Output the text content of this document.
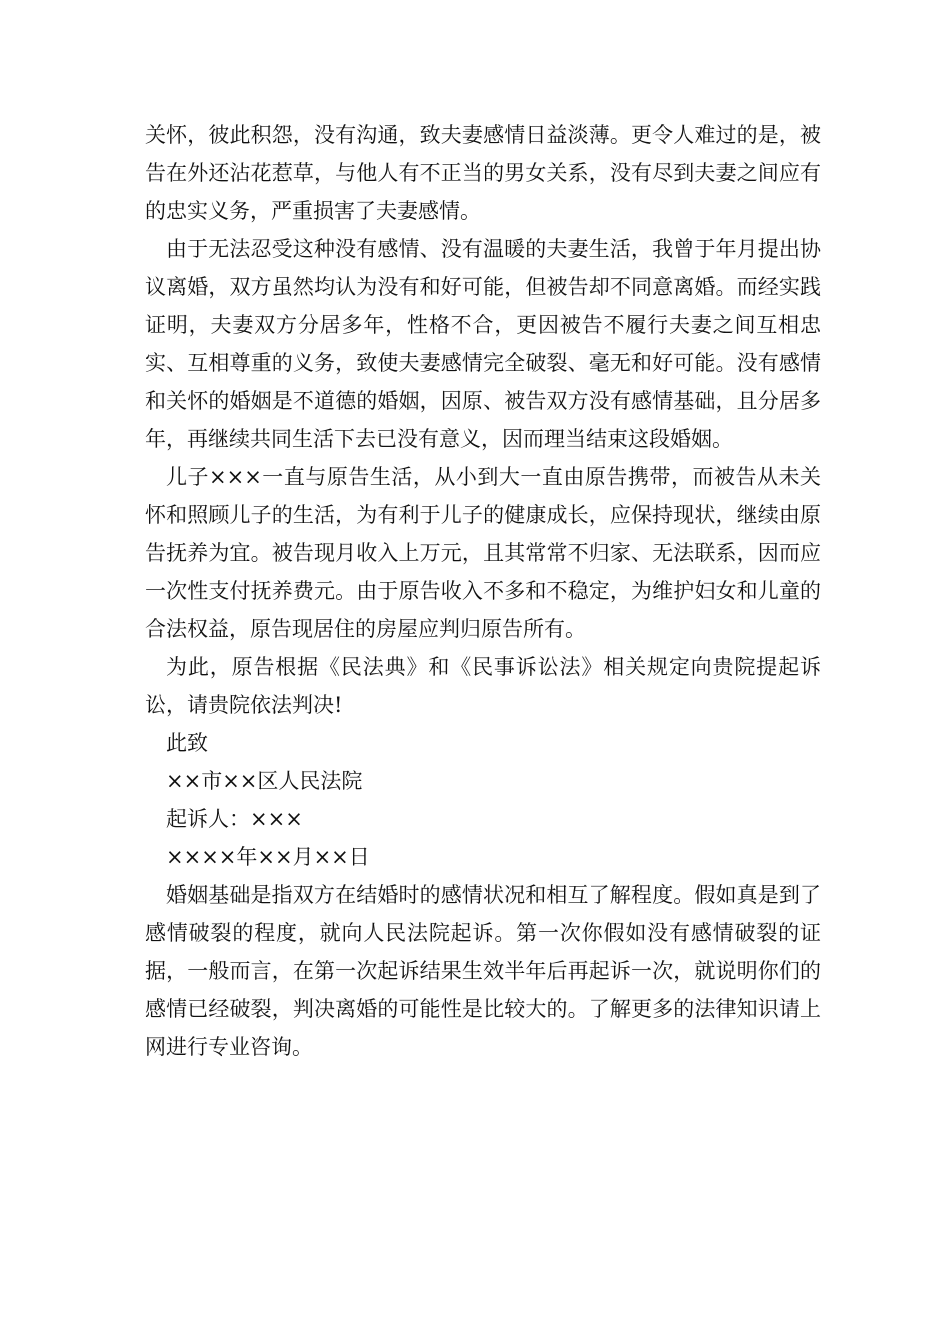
关怀，彼此积怨，没有沟通，致夫妻感情日益淡薄。更令人难过的是，被告在外还沾花惹草，与他人有不正当的男女关系，没有尽到夫妻之间应有的忠实义务，严重损害了夫妻感情。

由于无法忍受这种没有感情、没有温暖的夫妻生活，我曾于年月提出协议离婚，双方虽然均认为没有和好可能，但被告却不同意离婚。而经实践证明，夫妻双方分居多年，性格不合，更因被告不履行夫妻之间互相忠实、互相尊重的义务，致使夫妻感情完全破裂、毫无和好可能。没有感情和关怀的婚姻是不道德的婚姻，因原、被告双方没有感情基础，且分居多年，再继续共同生活下去已没有意义，因而理当结束这段婚姻。

儿子×××一直与原告生活，从小到大一直由原告携带，而被告从未关怀和照顾儿子的生活，为有利于儿子的健康成长，应保持现状，继续由原告抚养为宜。被告现月收入上万元，且其常常不归家、无法联系，因而应一次性支付抚养费元。由于原告收入不多和不稳定，为维护妇女和儿童的合法权益，原告现居住的房屋应判归原告所有。

为此，原告根据《民法典》和《民事诉讼法》相关规定向贵院提起诉讼，请贵院依法判决!

此致

××市××区人民法院

起诉人：×××

××××年××月××日

婚姻基础是指双方在结婚时的感情状况和相互了解程度。假如真是到了感情破裂的程度，就向人民法院起诉。第一次你假如没有感情破裂的证据，一般而言，在第一次起诉结果生效半年后再起诉一次，就说明你们的感情已经破裂，判决离婚的可能性是比较大的。了解更多的法律知识请上网进行专业咨询。
